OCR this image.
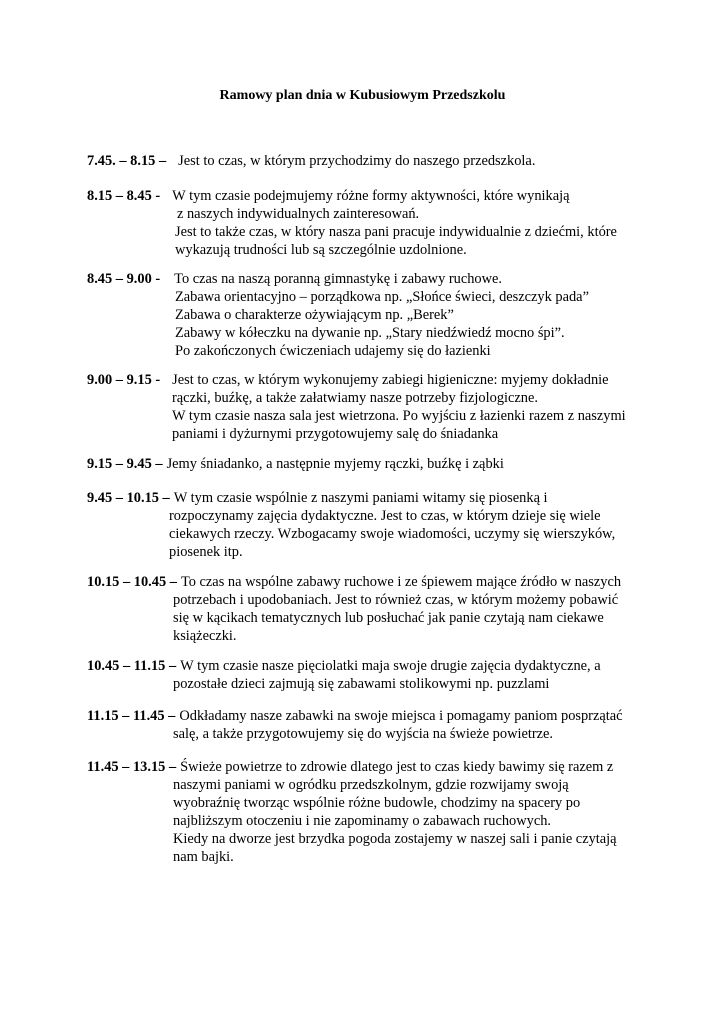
Ramowy plan dnia w Kubusiowym Przedszkolu
7.45. – 8.15 – Jest to czas, w którym przychodzimy do naszego przedszkola.
8.15 – 8.45 - W tym czasie podejmujemy różne formy aktywności, które wynikają
z naszych indywidualnych zainteresowań.
Jest to także czas, w który nasza pani pracuje indywidualnie z dziećmi, które
wykazują trudności lub są szczególnie uzdolnione.
8.45 – 9.00 - To czas na naszą poranną gimnastykę i zabawy ruchowe.
Zabawa orientacyjno – porządkowa np. „Słońce świeci, deszczyk pada”
Zabawa o charakterze ożywiającym np. „Berek”
Zabawy w kółeczku na dywanie np. „Stary niedźwiedź mocno śpi”.
Po zakończonych ćwiczeniach udajemy się do łazienki
9.00 – 9.15 - Jest to czas, w którym wykonujemy zabiegi higieniczne: myjemy dokładnie
rączki, buźkę, a także załatwiamy nasze potrzeby fizjologiczne.
W tym czasie nasza sala jest wietrzona. Po wyjściu z łazienki razem z naszymi
paniami i dyżurnymi przygotowujemy salę do śniadanka
9.15 – 9.45 – Jemy śniadanko, a następnie myjemy rączki, buźkę i ząbki
9.45 – 10.15 – W tym czasie wspólnie z naszymi paniami witamy się piosenką i
rozpoczynamy zajęcia dydaktyczne. Jest to czas, w którym dzieje się wiele
ciekawych rzeczy. Wzbogacamy swoje wiadomości, uczymy się wierszyków,
piosenek itp.
10.15 – 10.45 – To czas na wspólne zabawy ruchowe i ze śpiewem mające źródło w naszych
potrzebach i upodobaniach. Jest to również czas, w którym możemy pobawić
się w kącikach tematycznych lub posłuchać jak panie czytają nam ciekawe
książeczki.
10.45 – 11.15 – W tym czasie nasze pięciolatki maja swoje drugie zajęcia dydaktyczne, a
pozostałe dzieci zajmują się zabawami stolikowymi np. puzzlami
11.15 – 11.45 – Odkładamy nasze zabawki na swoje miejsca i pomagamy paniom posprzątać
salę, a także przygotowujemy się do wyjścia na świeże powietrze.
11.45 – 13.15 – Świeże powietrze to zdrowie dlatego jest to czas kiedy bawimy się razem z
naszymi paniami w ogródku przedszkolnym, gdzie rozwijamy swoją
wyobraźnię tworząc wspólnie różne budowle, chodzimy na spacery po
najbliższym otoczeniu i nie zapominamy o zabawach ruchowych.
Kiedy na dworze jest brzydka pogoda zostajemy w naszej sali i panie czytają
nam bajki.
